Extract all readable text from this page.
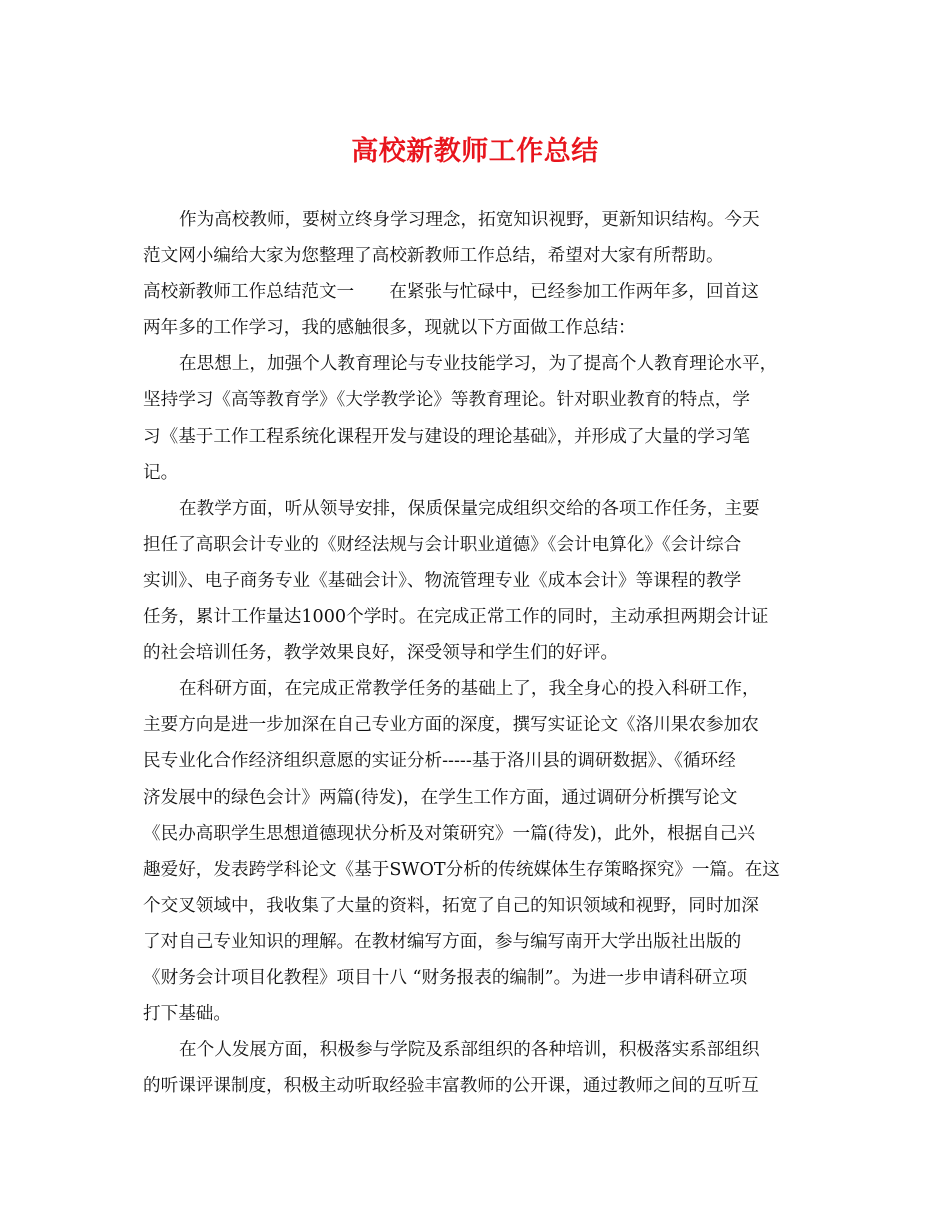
高校新教师工作总结
作为高校教师，要树立终身学习理念，拓宽知识视野，更新知识结构。今天
范文网小编给大家为您整理了高校新教师工作总结，希望对大家有所帮助。
高校新教师工作总结范文一　　在紧张与忙碌中，已经参加工作两年多，回首这
两年多的工作学习，我的感触很多，现就以下方面做工作总结：
在思想上，加强个人教育理论与专业技能学习，为了提高个人教育理论水平，
坚持学习《高等教育学》《大学教学论》等教育理论。针对职业教育的特点，学
习《基于工作工程系统化课程开发与建设的理论基础》，并形成了大量的学习笔
记。
在教学方面，听从领导安排，保质保量完成组织交给的各项工作任务，主要
担任了高职会计专业的《财经法规与会计职业道德》《会计电算化》《会计综合
实训》、电子商务专业《基础会计》、物流管理专业《成本会计》等课程的教学
任务，累计工作量达1000个学时。在完成正常工作的同时，主动承担两期会计证
的社会培训任务，教学效果良好，深受领导和学生们的好评。
在科研方面，在完成正常教学任务的基础上了，我全身心的投入科研工作，
主要方向是进一步加深在自己专业方面的深度，撰写实证论文《洛川果农参加农
民专业化合作经济组织意愿的实证分析-----基于洛川县的调研数据》、《循环经
济发展中的绿色会计》两篇(待发)，在学生工作方面，通过调研分析撰写论文
《民办高职学生思想道德现状分析及对策研究》一篇(待发)，此外，根据自己兴
趣爱好，发表跨学科论文《基于SWOT分析的传统媒体生存策略探究》一篇。在这
个交叉领域中，我收集了大量的资料，拓宽了自己的知识领域和视野，同时加深
了对自己专业知识的理解。在教材编写方面，参与编写南开大学出版社出版的
《财务会计项目化教程》项目十八 “财务报表的编制”。为进一步申请科研立项
打下基础。
在个人发展方面，积极参与学院及系部组织的各种培训，积极落实系部组织
的听课评课制度，积极主动听取经验丰富教师的公开课，通过教师之间的互听互
